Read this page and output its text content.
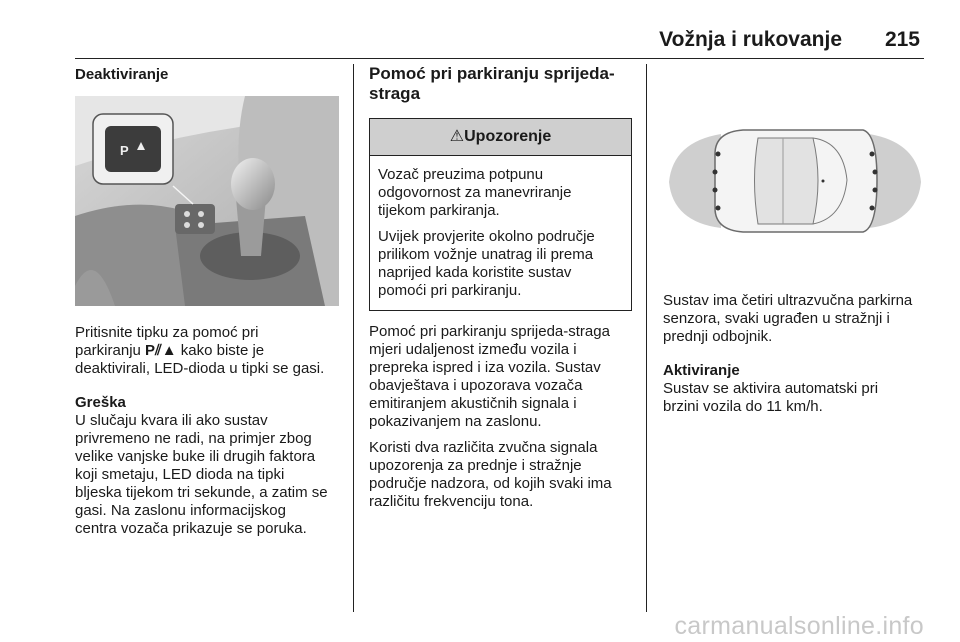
Vožnja i rukovanje 215
Deaktiviranje
P

Pritisnite tipku za pomoć pri

parkiranju P⫽▲ kako biste je

deaktivirali, LED-dioda u tipki se gasi.

Greška

U slučaju kvara ili ako sustav

privremeno ne radi, na primjer zbog

velike vanjske buke ili drugih faktora

koji smetaju, LED dioda na tipki

bljeska tijekom tri sekunde, a zatim se

gasi. Na zaslonu informacijskog

centra vozača prikazuje se poruka.

Pomoć pri parkiranju sprijeda-
straga
⚠Upozorenje

Vozač preuzima potpunu

odgovornost za manevriranje

tijekom parkiranja.

Uvijek provjerite okolno područje

prilikom vožnje unatrag ili prema

naprijed kada koristite sustav

pomoći pri parkiranju.

Pomoć pri parkiranju sprijeda-straga

mjeri udaljenost između vozila i

prepreka ispred i iza vozila. Sustav

obavještava i upozorava vozača

emitiranjem akustičnih signala i

pokazivanjem na zaslonu.

Koristi dva različita zvučna signala

upozorenja za prednje i stražnje

područje nadzora, od kojih svaki ima

različitu frekvenciju tona.

Sustav ima četiri ultrazvučna parkirna

senzora, svaki ugrađen u stražnji i

prednji odbojnik.

Aktiviranje

Sustav se aktivira automatski pri

brzini vozila do 11 km/h.

carmanualsonline.info
